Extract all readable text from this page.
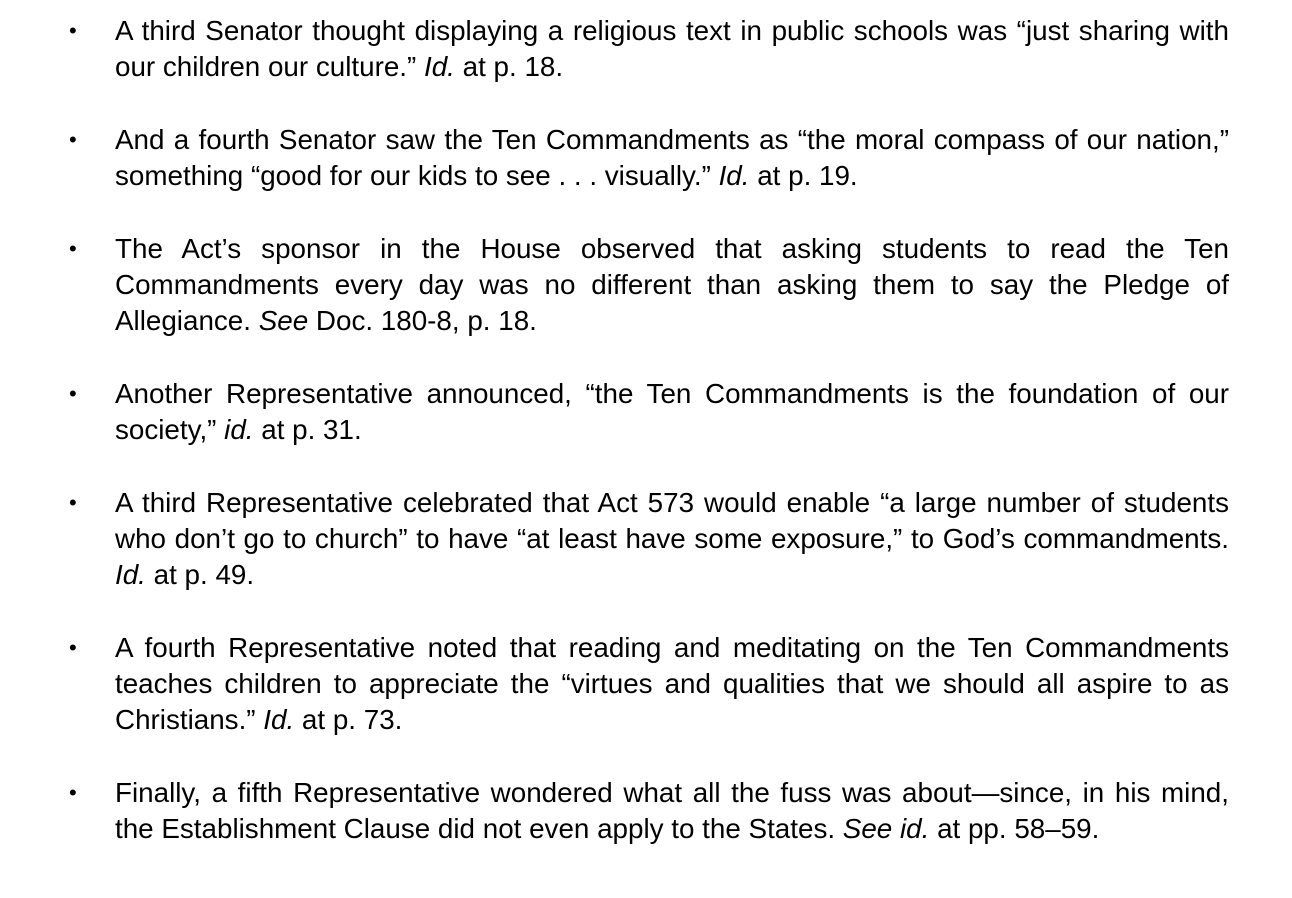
• A third Senator thought displaying a religious text in public schools was “just sharing with our children our culture.” Id. at p. 18.
• And a fourth Senator saw the Ten Commandments as “the moral compass of our nation,” something “good for our kids to see . . . visually.” Id. at p. 19.
• The Act’s sponsor in the House observed that asking students to read the Ten Commandments every day was no different than asking them to say the Pledge of Allegiance. See Doc. 180-8, p. 18.
• Another Representative announced, “the Ten Commandments is the foundation of our society,” id. at p. 31.
• A third Representative celebrated that Act 573 would enable “a large number of students who don’t go to church” to have “at least have some exposure,” to God’s commandments. Id. at p. 49.
• A fourth Representative noted that reading and meditating on the Ten Commandments teaches children to appreciate the “virtues and qualities that we should all aspire to as Christians.” Id. at p. 73.
• Finally, a fifth Representative wondered what all the fuss was about—since, in his mind, the Establishment Clause did not even apply to the States. See id. at pp. 58–59.
